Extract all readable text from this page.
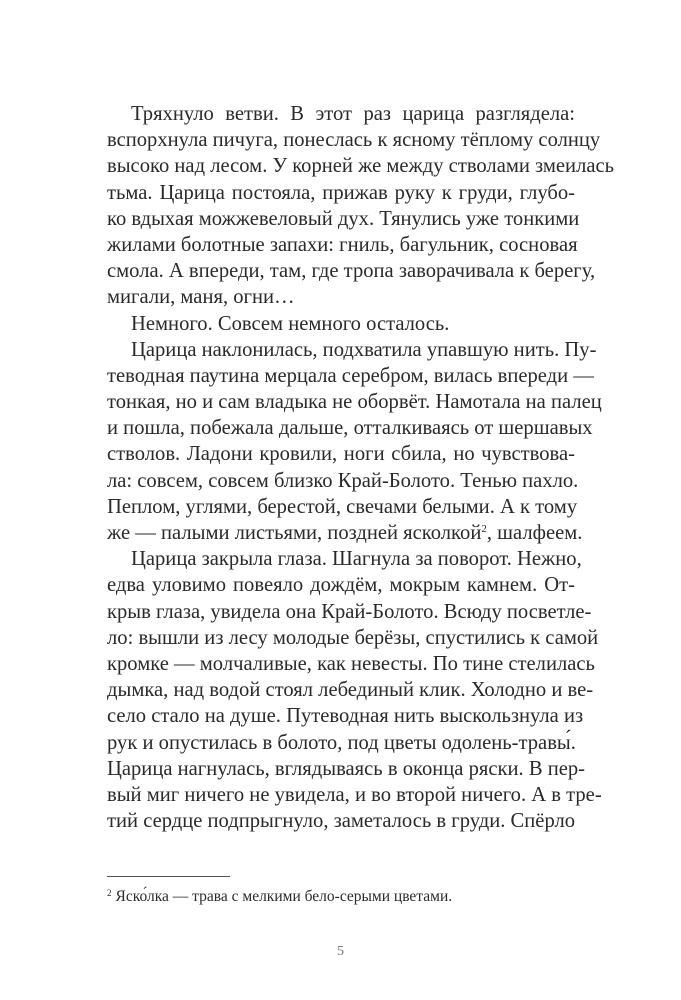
Тряхнуло ветви. В этот раз царица разглядела:
вспорхнула пичуга, понеслась к ясному тёплому солнцу
высоко над лесом. У корней же между стволами змеилась
тьма. Царица постояла, прижав руку к груди, глубо-
ко вдыхая можжевеловый дух. Тянулись уже тонкими
жилами болотные запахи: гниль, багульник, сосновая
смола. А впереди, там, где тропа заворачивала к берегу,
мигали, маня, огни…
Немного. Совсем немного осталось.
Царица наклонилась, подхватила упавшую нить. Пу-
теводная паутина мерцала серебром, вилась впереди —
тонкая, но и сам владыка не оборвёт. Намотала на палец
и пошла, побежала дальше, отталкиваясь от шершавых
стволов. Ладони кровили, ноги сбила, но чувствова-
ла: совсем, совсем близко Край-Болото. Тенью пахло.
Пеплом, углями, берестой, свечами белыми. А к тому
же — палыми листьями, поздней ясколкой$^2$, шалфеем.
Царица закрыла глаза. Шагнула за поворот. Нежно,
едва уловимо повеяло дождём, мокрым камнем. От-
крыв глаза, увидела она Край-Болото. Всюду посветле-
ло: вышли из лесу молодые берёзы, спустились к самой
кромке — молчаливые, как невесты. По тине стелилась
дымка, над водой стоял лебединый клик. Холодно и ве-
село стало на душе. Путеводная нить выскользнула из
рук и опустилась в болото, под цветы одолень-травы́.
Царица нагнулась, вглядываясь в оконца ряски. В пер-
вый миг ничего не увидела, и во второй ничего. А в тре-
тий сердце подпрыгнуло, заметалось в груди. Спёрло
$^2$ Яско́лка — трава с мелкими бело-серыми цветами.
5
